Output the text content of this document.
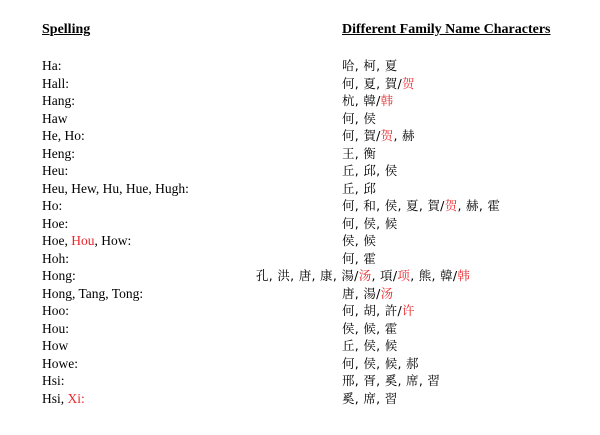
Spelling	Different Family Name Characters
Ha:	哈, 柯, 夏
Hall:	何, 夏, 賀/贺
Hang:	杭, 韓/韩
Haw	何, 侯
He, Ho:	何, 賀/贺, 赫
Heng:	王, 衡
Heu:	丘, 邱, 侯
Heu, Hew, Hu, Hue, Hugh:	丘, 邱
Ho:	何, 和, 侯, 夏, 賀/贺, 赫, 霍
Hoe:	何, 侯, 候
Hoe, Hou, How:	侯, 候
Hoh:	何, 霍
Hong:	孔, 洪, 唐, 康, 湯/汤, 項/项, 熊, 韓/韩
Hong, Tang, Tong:	唐, 湯/汤
Hoo:	何, 胡, 許/许
Hou:	侯, 候, 霍
How	丘, 侯, 候
Howe:	何, 侯, 候, 郝
Hsi:	邢, 胥, 奚, 席, 習
Hsi, Xi:	奚, 席, 習
